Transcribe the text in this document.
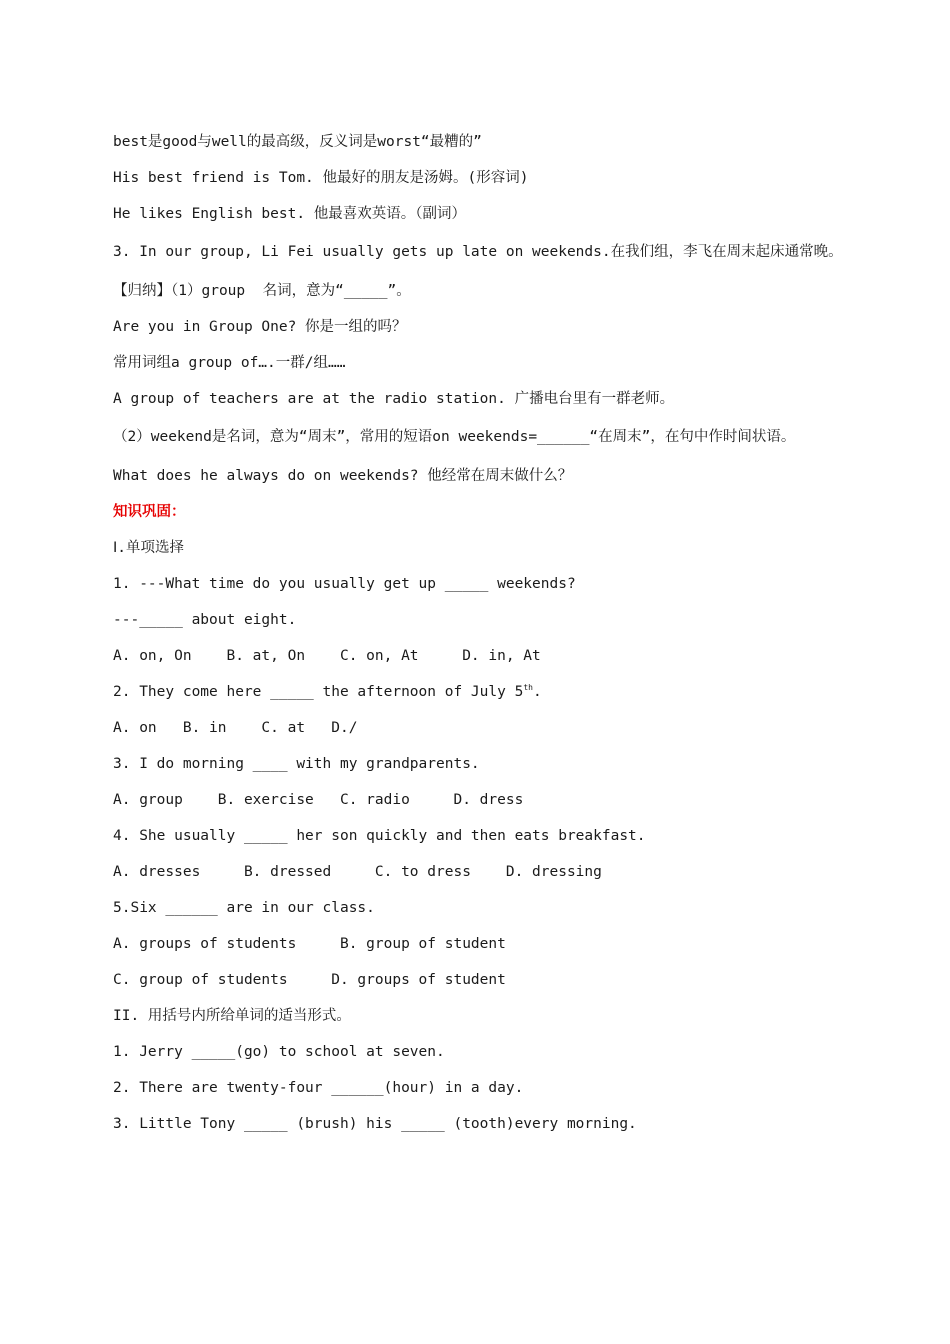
best是good与well的最高级，反义词是worst“最糟的”
His best friend is Tom. 他最好的朋友是汤姆。(形容词)
He likes English best. 他最喜欢英语。（副词）
3. In our group, Li Fei usually gets up late on weekends.在我们组，李飞在周末起床通常晚。
【归纳】（1）group  名词，意为“_____”。
Are you in Group One? 你是一组的吗？
常用词组a group of….一群/组……
A group of teachers are at the radio station. 广播电台里有一群老师。
（2）weekend是名词，意为“周末”，常用的短语on weekends=______“在周末”，在句中作时间状语。
What does he always do on weekends? 他经常在周末做什么？
知识巩固：
Ⅰ.单项选择
1. ---What time do you usually get up _____ weekends?
---_____ about eight.
A. on, On    B. at, On    C. on, At     D. in, At
2. They come here _____ the afternoon of July 5th.
A. on   B. in    C. at   D./
3. I do morning ____ with my grandparents.
A. group    B. exercise   C. radio     D. dress
4. She usually _____ her son quickly and then eats breakfast.
A. dresses     B. dressed     C. to dress    D. dressing
5.Six ______ are in our class.
A. groups of students     B. group of student
C. group of students     D. groups of student
II. 用括号内所给单词的适当形式。
1. Jerry _____(go) to school at seven.
2. There are twenty-four ______(hour) in a day.
3. Little Tony _____ (brush) his _____ (tooth)every morning.
